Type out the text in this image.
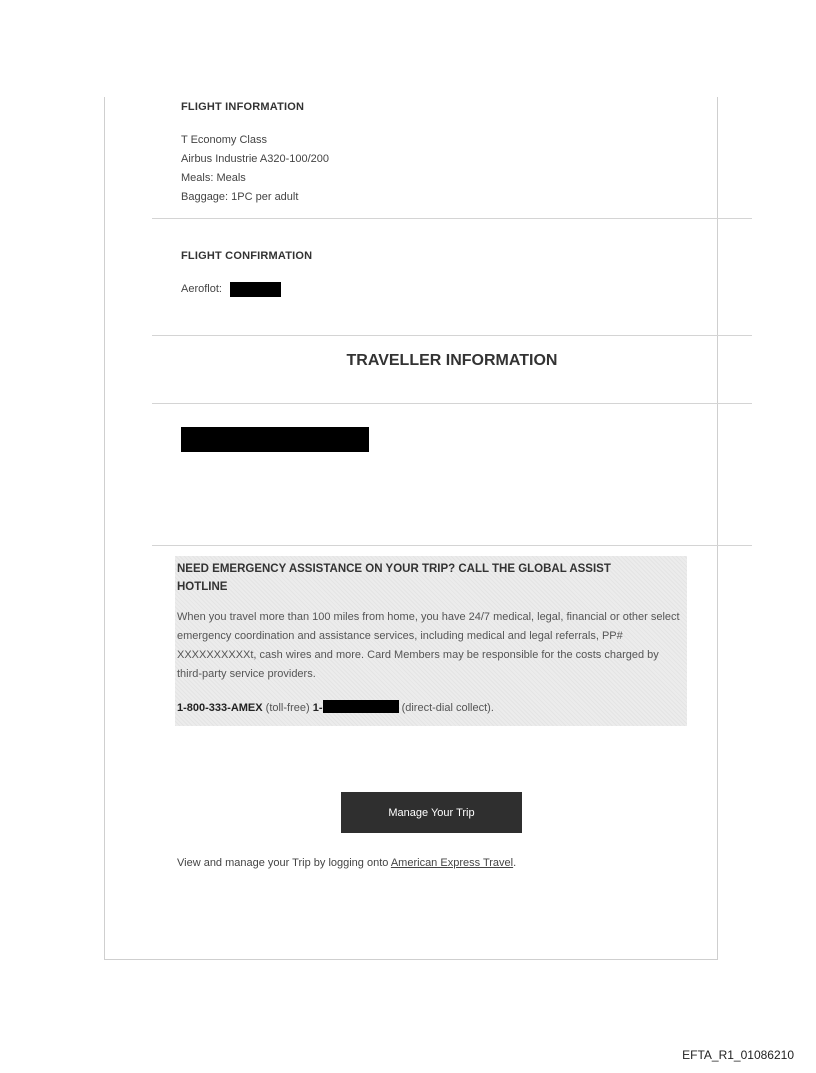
FLIGHT INFORMATION
T Economy Class
Airbus Industrie A320-100/200
Meals: Meals
Baggage: 1PC per adult
FLIGHT CONFIRMATION
Aeroflot:
TRAVELLER INFORMATION
NEED EMERGENCY ASSISTANCE ON YOUR TRIP? CALL THE GLOBAL ASSIST HOTLINE
When you travel more than 100 miles from home, you have 24/7 medical, legal, financial or other select emergency coordination and assistance services, including medical and legal referrals, PP# XXXXXXXXXXt, cash wires and more. Card Members may be responsible for the costs charged by third-party service providers.
1-800-333-AMEX (toll-free) 1-	(direct-dial collect).
Manage Your Trip
View and manage your Trip by logging onto American Express Travel.
EFTA_R1_01086210
